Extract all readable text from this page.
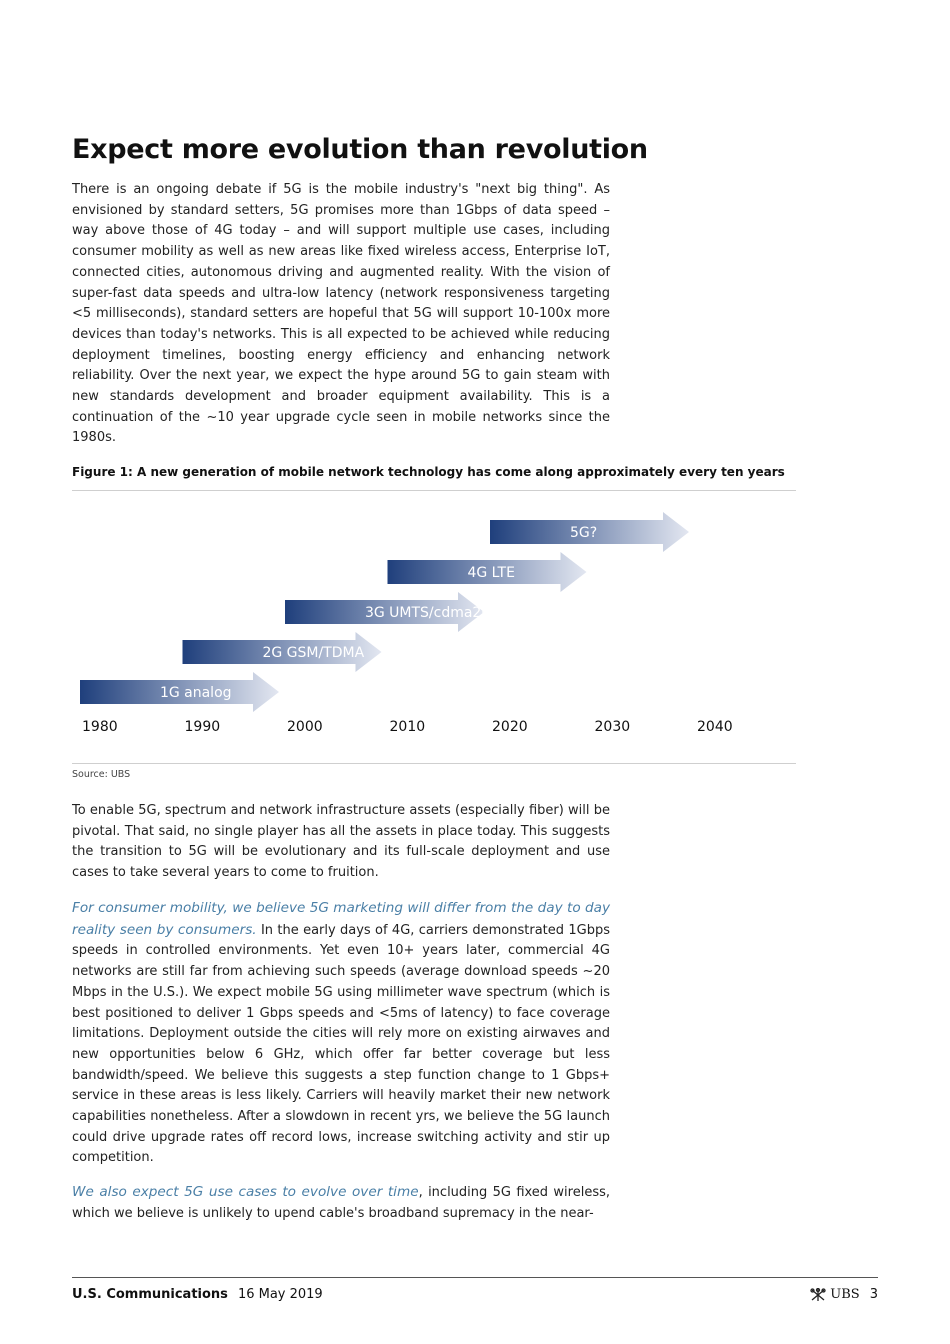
Expect more evolution than revolution

There is an ongoing debate if 5G is the mobile industry's "next big thing". As envisioned by standard setters, 5G promises more than 1Gbps of data speed – way above those of 4G today – and will support multiple use cases, including consumer mobility as well as new areas like fixed wireless access, Enterprise IoT, connected cities, autonomous driving and augmented reality. With the vision of super-fast data speeds and ultra-low latency (network responsiveness targeting <5 milliseconds), standard setters are hopeful that 5G will support 10-100x more devices than today's networks. This is all expected to be achieved while reducing deployment timelines, boosting energy efficiency and enhancing network reliability. Over the next year, we expect the hype around 5G to gain steam with new standards development and broader equipment availability. This is a continuation of the ~10 year upgrade cycle seen in mobile networks since the 1980s.

Figure 1: A new generation of mobile network technology has come along approximately every ten years
1G analog
2G GSM/TDMA
3G UMTS/cdma2000
4G LTE
5G?
1980	1990	2000	2010	2020	2030	2040
Source: UBS

To enable 5G, spectrum and network infrastructure assets (especially fiber) will be pivotal. That said, no single player has all the assets in place today. This suggests the transition to 5G will be evolutionary and its full-scale deployment and use cases to take several years to come to fruition.

For consumer mobility, we believe 5G marketing will differ from the day to day reality seen by consumers. In the early days of 4G, carriers demonstrated 1Gbps speeds in controlled environments. Yet even 10+ years later, commercial 4G networks are still far from achieving such speeds (average download speeds ~20 Mbps in the U.S.). We expect mobile 5G using millimeter wave spectrum (which is best positioned to deliver 1 Gbps speeds and <5ms of latency) to face coverage limitations. Deployment outside the cities will rely more on existing airwaves and new opportunities below 6 GHz, which offer far better coverage but less bandwidth/speed. We believe this suggests a step function change to 1 Gbps+ service in these areas is less likely. Carriers will heavily market their new network capabilities nonetheless. After a slowdown in recent yrs, we believe the 5G launch could drive upgrade rates off record lows, increase switching activity and stir up competition.

We also expect 5G use cases to evolve over time, including 5G fixed wireless, which we believe is unlikely to upend cable's broadband supremacy in the near-

U.S. Communications 16 May 2019	UBS 3
